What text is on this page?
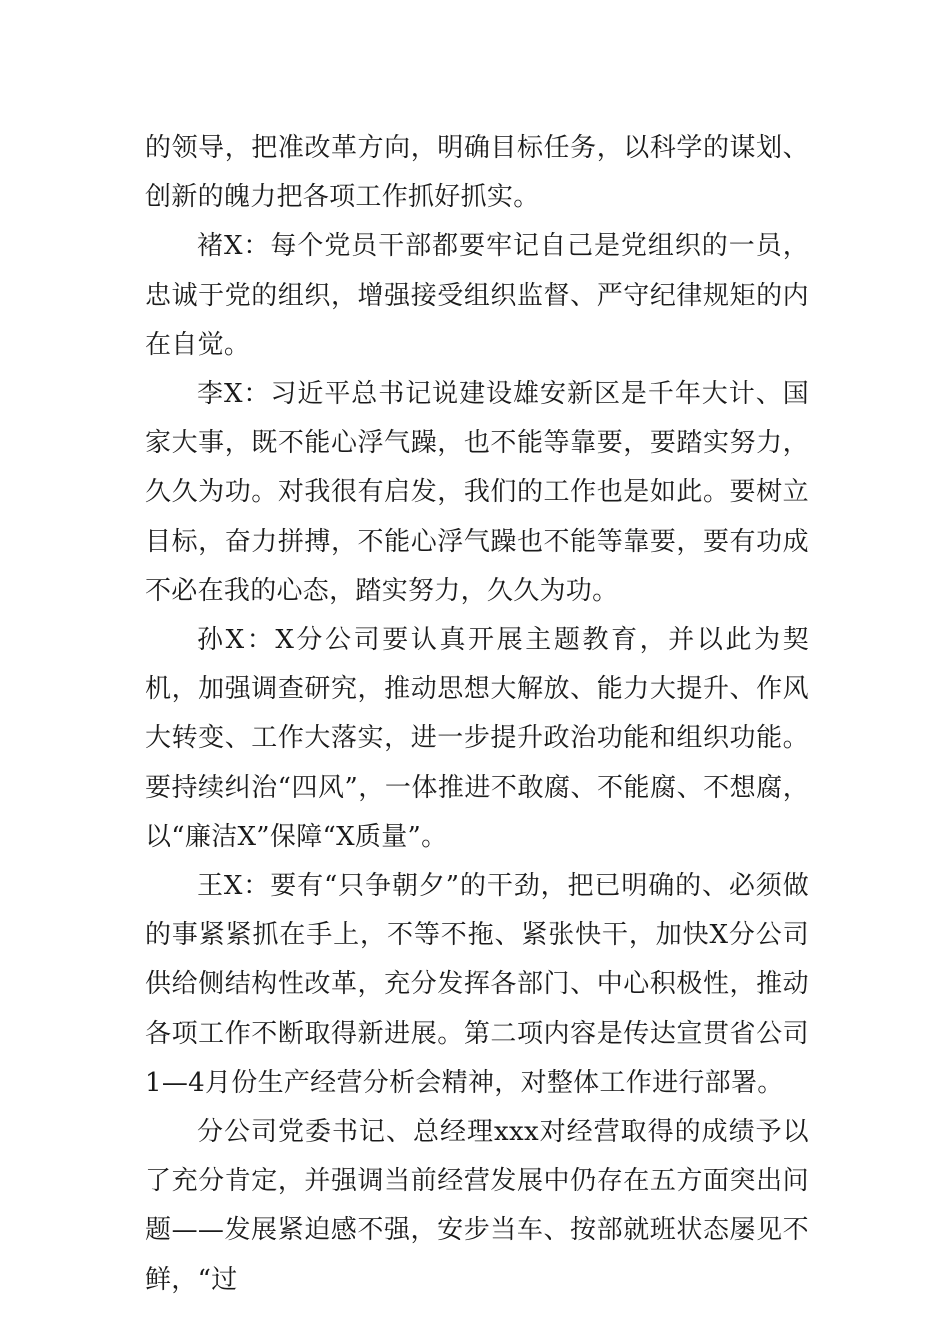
的领导，把准改革方向，明确目标任务，以科学的谋划、创新的魄力把各项工作抓好抓实。

褚X：每个党员干部都要牢记自己是党组织的一员，忠诚于党的组织，增强接受组织监督、严守纪律规矩的内在自觉。

李X：习近平总书记说建设雄安新区是千年大计、国家大事，既不能心浮气躁，也不能等靠要，要踏实努力，久久为功。对我很有启发，我们的工作也是如此。要树立目标，奋力拼搏，不能心浮气躁也不能等靠要，要有功成不必在我的心态，踏实努力，久久为功。

孙X：X分公司要认真开展主题教育，并以此为契机，加强调查研究，推动思想大解放、能力大提升、作风大转变、工作大落实，进一步提升政治功能和组织功能。要持续纠治“四风”，一体推进不敢腐、不能腐、不想腐，以“廉洁X”保障“X质量”。

王X：要有“只争朝夕”的干劲，把已明确的、必须做的事紧紧抓在手上，不等不拖、紧张快干，加快X分公司供给侧结构性改革，充分发挥各部门、中心积极性，推动各项工作不断取得新进展。第二项内容是传达宣贯省公司1—4月份生产经营分析会精神，对整体工作进行部署。

分公司党委书记、总经理xxx对经营取得的成绩予以了充分肯定，并强调当前经营发展中仍存在五方面突出问题——发展紧迫感不强，安步当车、按部就班状态屡见不鲜，“过
